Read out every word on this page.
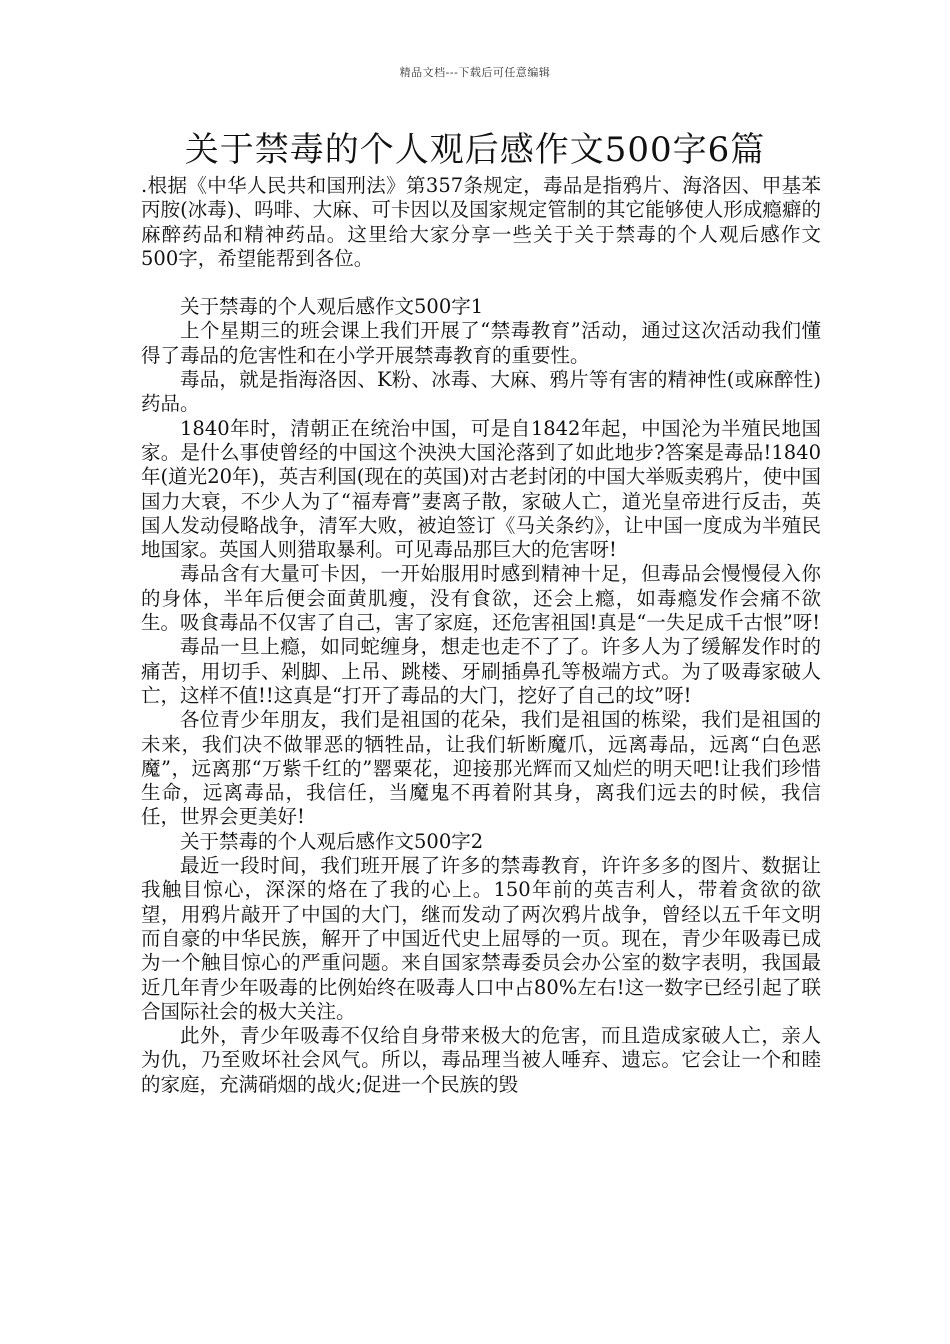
精品文档---下载后可任意编辑
关于禁毒的个人观后感作文500字6篇

.根据《中华人民共和国刑法》第357条规定，毒品是指鸦片、海洛因、甲基苯丙胺(冰毒)、吗啡、大麻、可卡因以及国家规定管制的其它能够使人形成瘾癖的麻醉药品和精神药品。这里给大家分享一些关于关于禁毒的个人观后感作文500字，希望能帮到各位。

关于禁毒的个人观后感作文500字1

上个星期三的班会课上我们开展了“禁毒教育”活动，通过这次活动我们懂得了毒品的危害性和在小学开展禁毒教育的重要性。

毒品，就是指海洛因、K粉、冰毒、大麻、鸦片等有害的精神性(或麻醉性)药品。

1840年时，清朝正在统治中国，可是自1842年起，中国沦为半殖民地国家。是什么事使曾经的中国这个泱泱大国沦落到了如此地步?答案是毒品!1840年(道光20年)，英吉利国(现在的英国)对古老封闭的中国大举贩卖鸦片，使中国国力大衰，不少人为了“福寿膏”妻离子散，家破人亡，道光皇帝进行反击，英国人发动侵略战争，清军大败，被迫签订《马关条约》，让中国一度成为半殖民地国家。英国人则猎取暴利。可见毒品那巨大的危害呀!

毒品含有大量可卡因，一开始服用时感到精神十足，但毒品会慢慢侵入你的身体，半年后便会面黄肌瘦，没有食欲，还会上瘾，如毒瘾发作会痛不欲生。吸食毒品不仅害了自己，害了家庭，还危害祖国!真是“一失足成千古恨”呀!

毒品一旦上瘾，如同蛇缠身，想走也走不了了。许多人为了缓解发作时的痛苦，用切手、剁脚、上吊、跳楼、牙刷插鼻孔等极端方式。为了吸毒家破人亡，这样不值!!这真是“打开了毒品的大门，挖好了自己的坟”呀!

各位青少年朋友，我们是祖国的花朵，我们是祖国的栋梁，我们是祖国的未来，我们决不做罪恶的牺牲品，让我们斩断魔爪，远离毒品，远离“白色恶魔”，远离那“万紫千红的”罂粟花，迎接那光辉而又灿烂的明天吧!让我们珍惜生命，远离毒品，我信任，当魔鬼不再着附其身，离我们远去的时候，我信任，世界会更美好!

关于禁毒的个人观后感作文500字2

最近一段时间，我们班开展了许多的禁毒教育，许许多多的图片、数据让我触目惊心，深深的烙在了我的心上。150年前的英吉利人，带着贪欲的欲望，用鸦片敲开了中国的大门，继而发动了两次鸦片战争，曾经以五千年文明而自豪的中华民族，解开了中国近代史上屈辱的一页。现在，青少年吸毒已成为一个触目惊心的严重问题。来自国家禁毒委员会办公室的数字表明，我国最近几年青少年吸毒的比例始终在吸毒人口中占80%左右!这一数字已经引起了联合国际社会的极大关注。

此外，青少年吸毒不仅给自身带来极大的危害，而且造成家破人亡，亲人为仇，乃至败坏社会风气。所以，毒品理当被人唾弃、遗忘。它会让一个和睦的家庭，充满硝烟的战火;促进一个民族的毁
